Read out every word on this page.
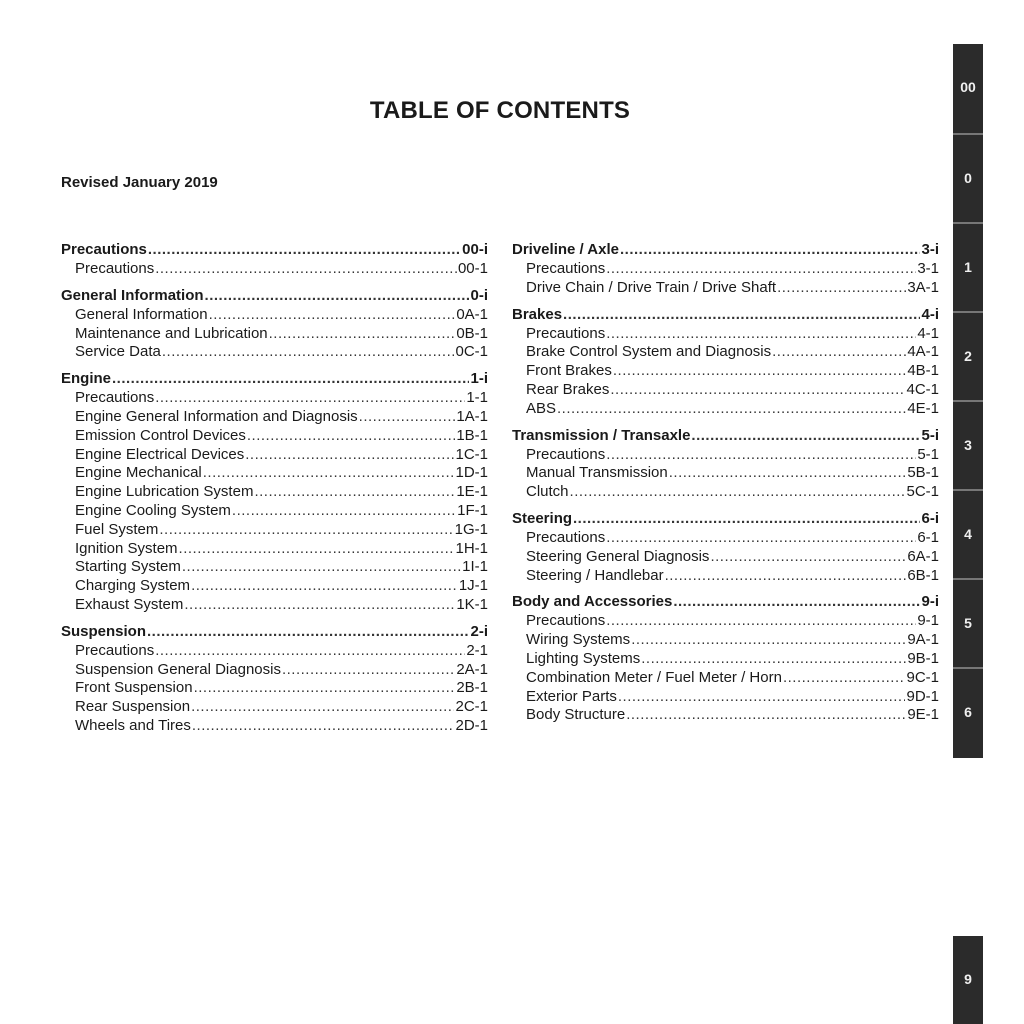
TABLE OF CONTENTS
Revised January 2019
Precautions .....	00-i
Precautions .....	00-1
General Information .....	0-i
General Information .....	0A-1
Maintenance and Lubrication .....	0B-1
Service Data .....	0C-1
Engine .....	1-i
Precautions .....	1-1
Engine General Information and Diagnosis .....	1A-1
Emission Control Devices .....	1B-1
Engine Electrical Devices .....	1C-1
Engine Mechanical .....	1D-1
Engine Lubrication System .....	1E-1
Engine Cooling System .....	1F-1
Fuel System .....	1G-1
Ignition System .....	1H-1
Starting System .....	1I-1
Charging System .....	1J-1
Exhaust System .....	1K-1
Suspension .....	2-i
Precautions .....	2-1
Suspension General Diagnosis .....	2A-1
Front Suspension .....	2B-1
Rear Suspension .....	2C-1
Wheels and Tires .....	2D-1
Driveline / Axle .....	3-i
Precautions .....	3-1
Drive Chain / Drive Train / Drive Shaft .....	3A-1
Brakes .....	4-i
Precautions .....	4-1
Brake Control System and Diagnosis .....	4A-1
Front Brakes .....	4B-1
Rear Brakes .....	4C-1
ABS .....	4E-1
Transmission / Transaxle .....	5-i
Precautions .....	5-1
Manual Transmission .....	5B-1
Clutch .....	5C-1
Steering .....	6-i
Precautions .....	6-1
Steering General Diagnosis .....	6A-1
Steering / Handlebar .....	6B-1
Body and Accessories .....	9-i
Precautions .....	9-1
Wiring Systems .....	9A-1
Lighting Systems .....	9B-1
Combination Meter / Fuel Meter / Horn .....	9C-1
Exterior Parts .....	9D-1
Body Structure .....	9E-1
00
0
1
2
3
4
5
6
9
